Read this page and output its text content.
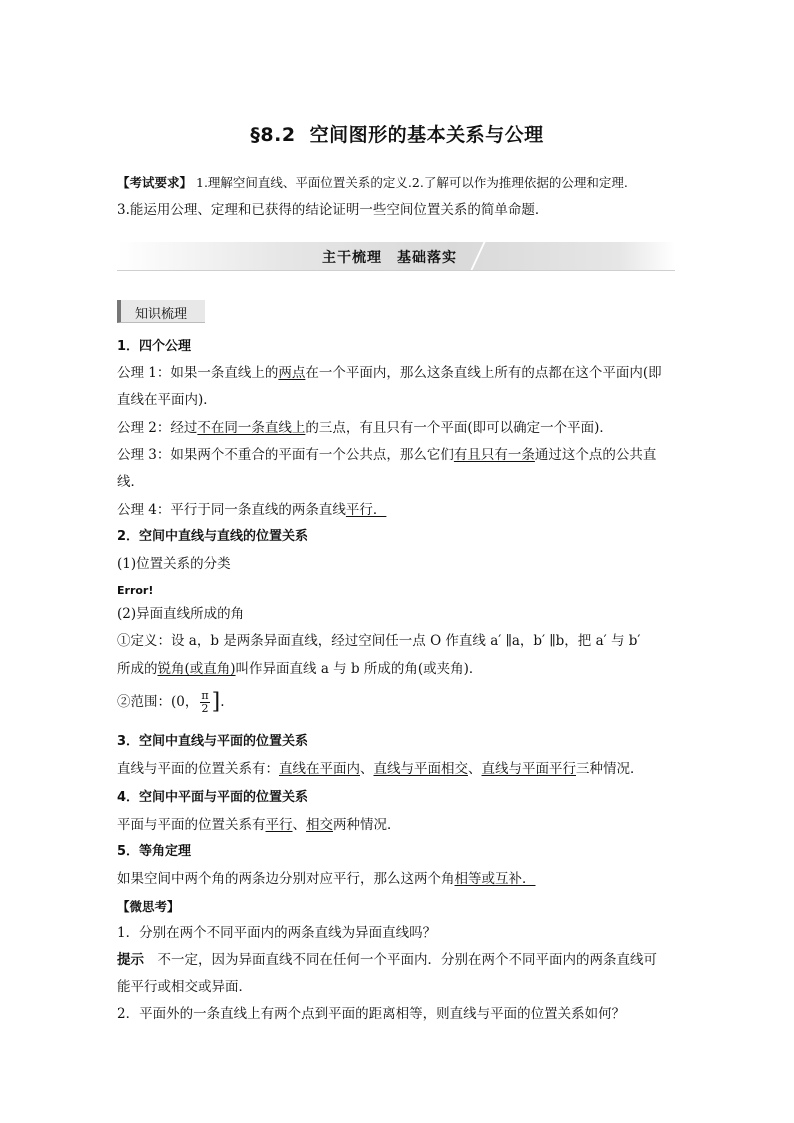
§8.2 空间图形的基本关系与公理
【考试要求】 1.理解空间直线、平面位置关系的定义.2.了解可以作为推理依据的公理和定理.
3.能运用公理、定理和已获得的结论证明一些空间位置关系的简单命题．
主干梳理　基础落实
知识梳理
1．四个公理
公理 1：如果一条直线上的两点在一个平面内，那么这条直线上所有的点都在这个平面内(即
直线在平面内)．
公理 2：经过不在同一条直线上的三点，有且只有一个平面(即可以确定一个平面)．
公理 3：如果两个不重合的平面有一个公共点，那么它们有且只有一条通过这个点的公共直
线．
公理 4：平行于同一条直线的两条直线平行．
2．空间中直线与直线的位置关系
(1)位置关系的分类
Error!
(2)异面直线所成的角
①定义：设 a，b 是两条异面直线，经过空间任一点 O 作直线 a′ ∥a，b′ ∥b，把 a′ 与 b′
所成的锐角(或直角)叫作异面直线 a 与 b 所成的角(或夹角)．
②范围：(0， $\frac{\pi}{2}$ ].
3．空间中直线与平面的位置关系
直线与平面的位置关系有：直线在平面内、直线与平面相交、直线与平面平行三种情况．
4．空间中平面与平面的位置关系
平面与平面的位置关系有平行、相交两种情况．
5．等角定理
如果空间中两个角的两条边分别对应平行，那么这两个角相等或互补．
【微思考】
1．分别在两个不同平面内的两条直线为异面直线吗？
提示　不一定，因为异面直线不同在任何一个平面内．分别在两个不同平面内的两条直线可
能平行或相交或异面．
2．平面外的一条直线上有两个点到平面的距离相等，则直线与平面的位置关系如何？
